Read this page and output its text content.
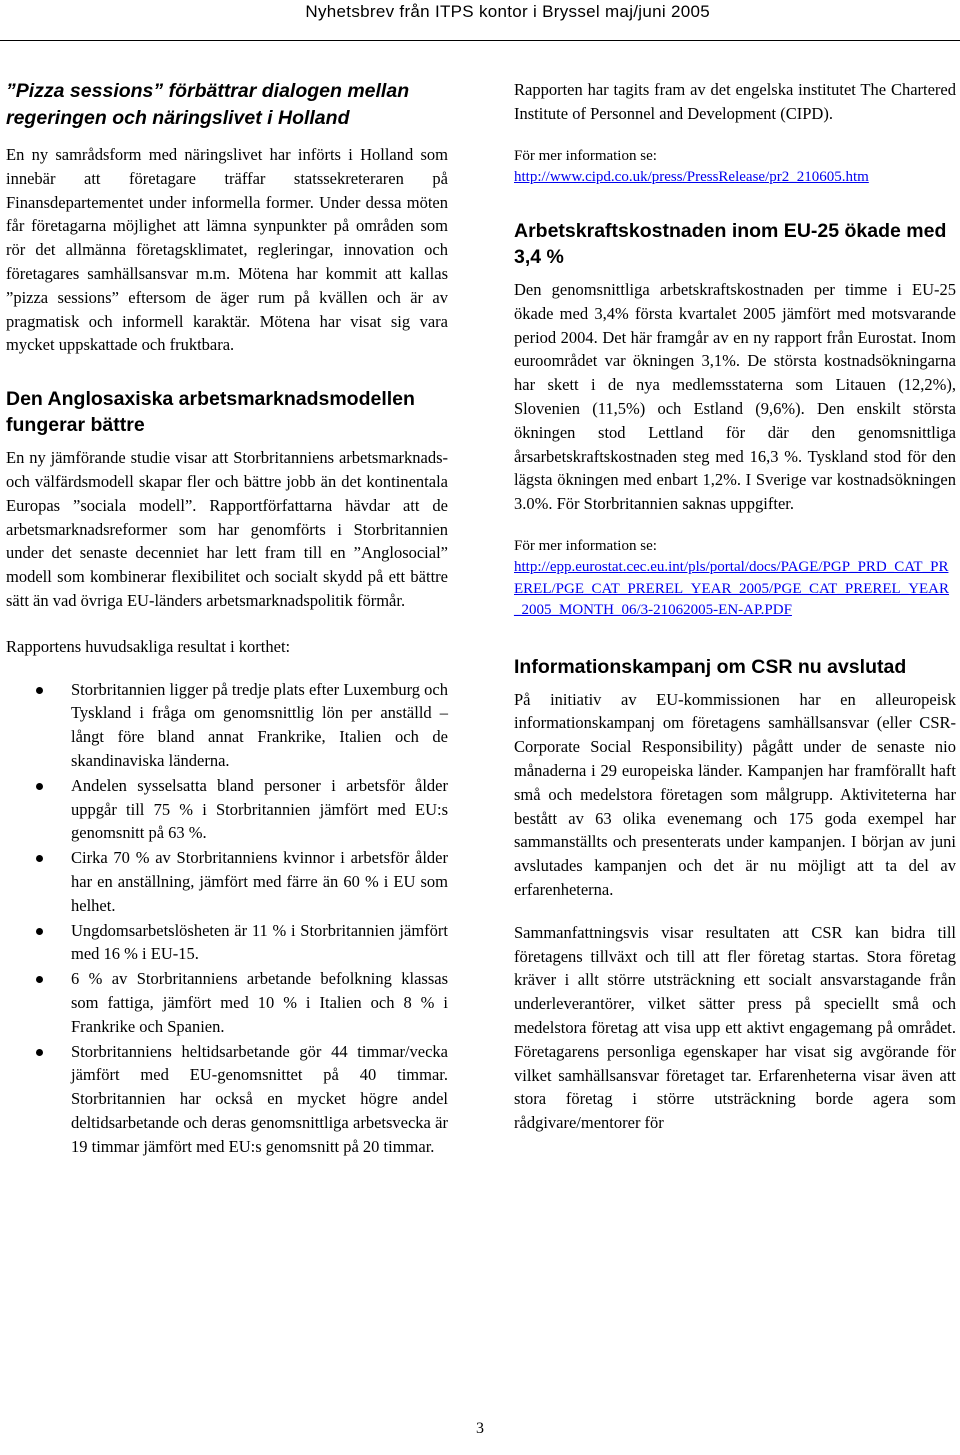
Nyhetsbrev från ITPS kontor i Bryssel maj/juni 2005
”Pizza sessions” förbättrar dialogen mellan regeringen och näringslivet i Holland

En ny samrådsform med näringslivet har införts i Holland som innebär att företagare träffar statssekreteraren på Finansdepartementet under informella former. Under dessa möten får företagarna möjlighet att lämna synpunkter på områden som rör det allmänna företagsklimatet, regleringar, innovation och företagares samhällsansvar m.m. Mötena har kommit att kallas ”pizza sessions” eftersom de äger rum på kvällen och är av pragmatisk och informell karaktär. Mötena har visat sig vara mycket uppskattade och fruktbara.

Den Anglosaxiska arbetsmarknadsmodellen fungerar bättre

En ny jämförande studie visar att Storbritanniens arbetsmarknads- och välfärdsmodell skapar fler och bättre jobb än det kontinentala Europas ”sociala modell”. Rapportförfattarna hävdar att de arbetsmarknadsreformer som har genomförts i Storbritannien under det senaste decenniet har lett fram till en ”Anglosocial” modell som kombinerar flexibilitet och socialt skydd på ett bättre sätt än vad övriga EU-länders arbetsmarknadspolitik förmår.

Rapportens huvudsakliga resultat i korthet:

Storbritannien ligger på tredje plats efter Luxemburg och Tyskland i fråga om genomsnittlig lön per anställd – långt före bland annat Frankrike, Italien och de skandinaviska länderna.
Andelen sysselsatta bland personer i arbetsför ålder uppgår till 75 % i Storbritannien jämfört med EU:s genomsnitt på 63 %.
Cirka 70 % av Storbritanniens kvinnor i arbetsför ålder har en anställning, jämfört med färre än 60 % i EU som helhet.
Ungdomsarbetslösheten är 11 % i Storbritannien jämfört med 16 % i EU-15.
6 % av Storbritanniens arbetande befolkning klassas som fattiga, jämfört med 10 % i Italien och 8 % i Frankrike och Spanien.
Storbritanniens heltidsarbetande gör 44 timmar/vecka jämfört med EU-genomsnittet på 40 timmar. Storbritannien har också en mycket högre andel deltidsarbetande och deras genomsnittliga arbetsvecka är 19 timmar jämfört med EU:s genomsnitt på 20 timmar.

Rapporten har tagits fram av det engelska institutet The Chartered Institute of Personnel and Development (CIPD).

För mer information se:

http://www.cipd.co.uk/press/PressRelease/pr2_210605.htm
Arbetskraftskostnaden inom EU-25 ökade med 3,4 %

Den genomsnittliga arbetskraftskostnaden per timme i EU-25 ökade med 3,4% första kvartalet 2005 jämfört med motsvarande period 2004. Det här framgår av en ny rapport från Eurostat. Inom euroområdet var ökningen 3,1%. De största kostnadsökningarna har skett i de nya medlemsstaterna som Litauen (12,2%), Slovenien (11,5%) och Estland (9,6%). Den enskilt största ökningen stod Lettland för där den genomsnittliga årsarbetskraftskostnaden steg med 16,3 %. Tyskland stod för den lägsta ökningen med enbart 1,2%. I Sverige var kostnadsökningen 3.0%. För Storbritannien saknas uppgifter.

För mer information se:

http://epp.eurostat.cec.eu.int/pls/portal/docs/PAGE/PGP_PRD_CAT_PREREL/PGE_CAT_PREREL_YEAR_2005/PGE_CAT_PREREL_YEAR_2005_MONTH_06/3-21062005-EN-AP.PDF
Informationskampanj om CSR nu avslutad

På initiativ av EU-kommissionen har en alleuropeisk informationskampanj om företagens samhällsansvar (eller CSR- Corporate Social Responsibility) pågått under de senaste nio månaderna i 29 europeiska länder. Kampanjen har framförallt haft små och medelstora företagen som målgrupp. Aktiviteterna har bestått av 63 olika evenemang och 175 goda exempel har sammanställts och presenterats under kampanjen. I början av juni avslutades kampanjen och det är nu möjligt att ta del av erfarenheterna.

Sammanfattningsvis visar resultaten att CSR kan bidra till företagens tillväxt och till att fler företag startas. Stora företag kräver i allt större utsträckning ett socialt ansvarstagande från underleverantörer, vilket sätter press på speciellt små och medelstora företag att visa upp ett aktivt engagemang på området. Företagarens personliga egenskaper har visat sig avgörande för vilket samhällsansvar företaget tar. Erfarenheterna visar även att stora företag i större utsträckning borde agera som rådgivare/mentorer för

3
